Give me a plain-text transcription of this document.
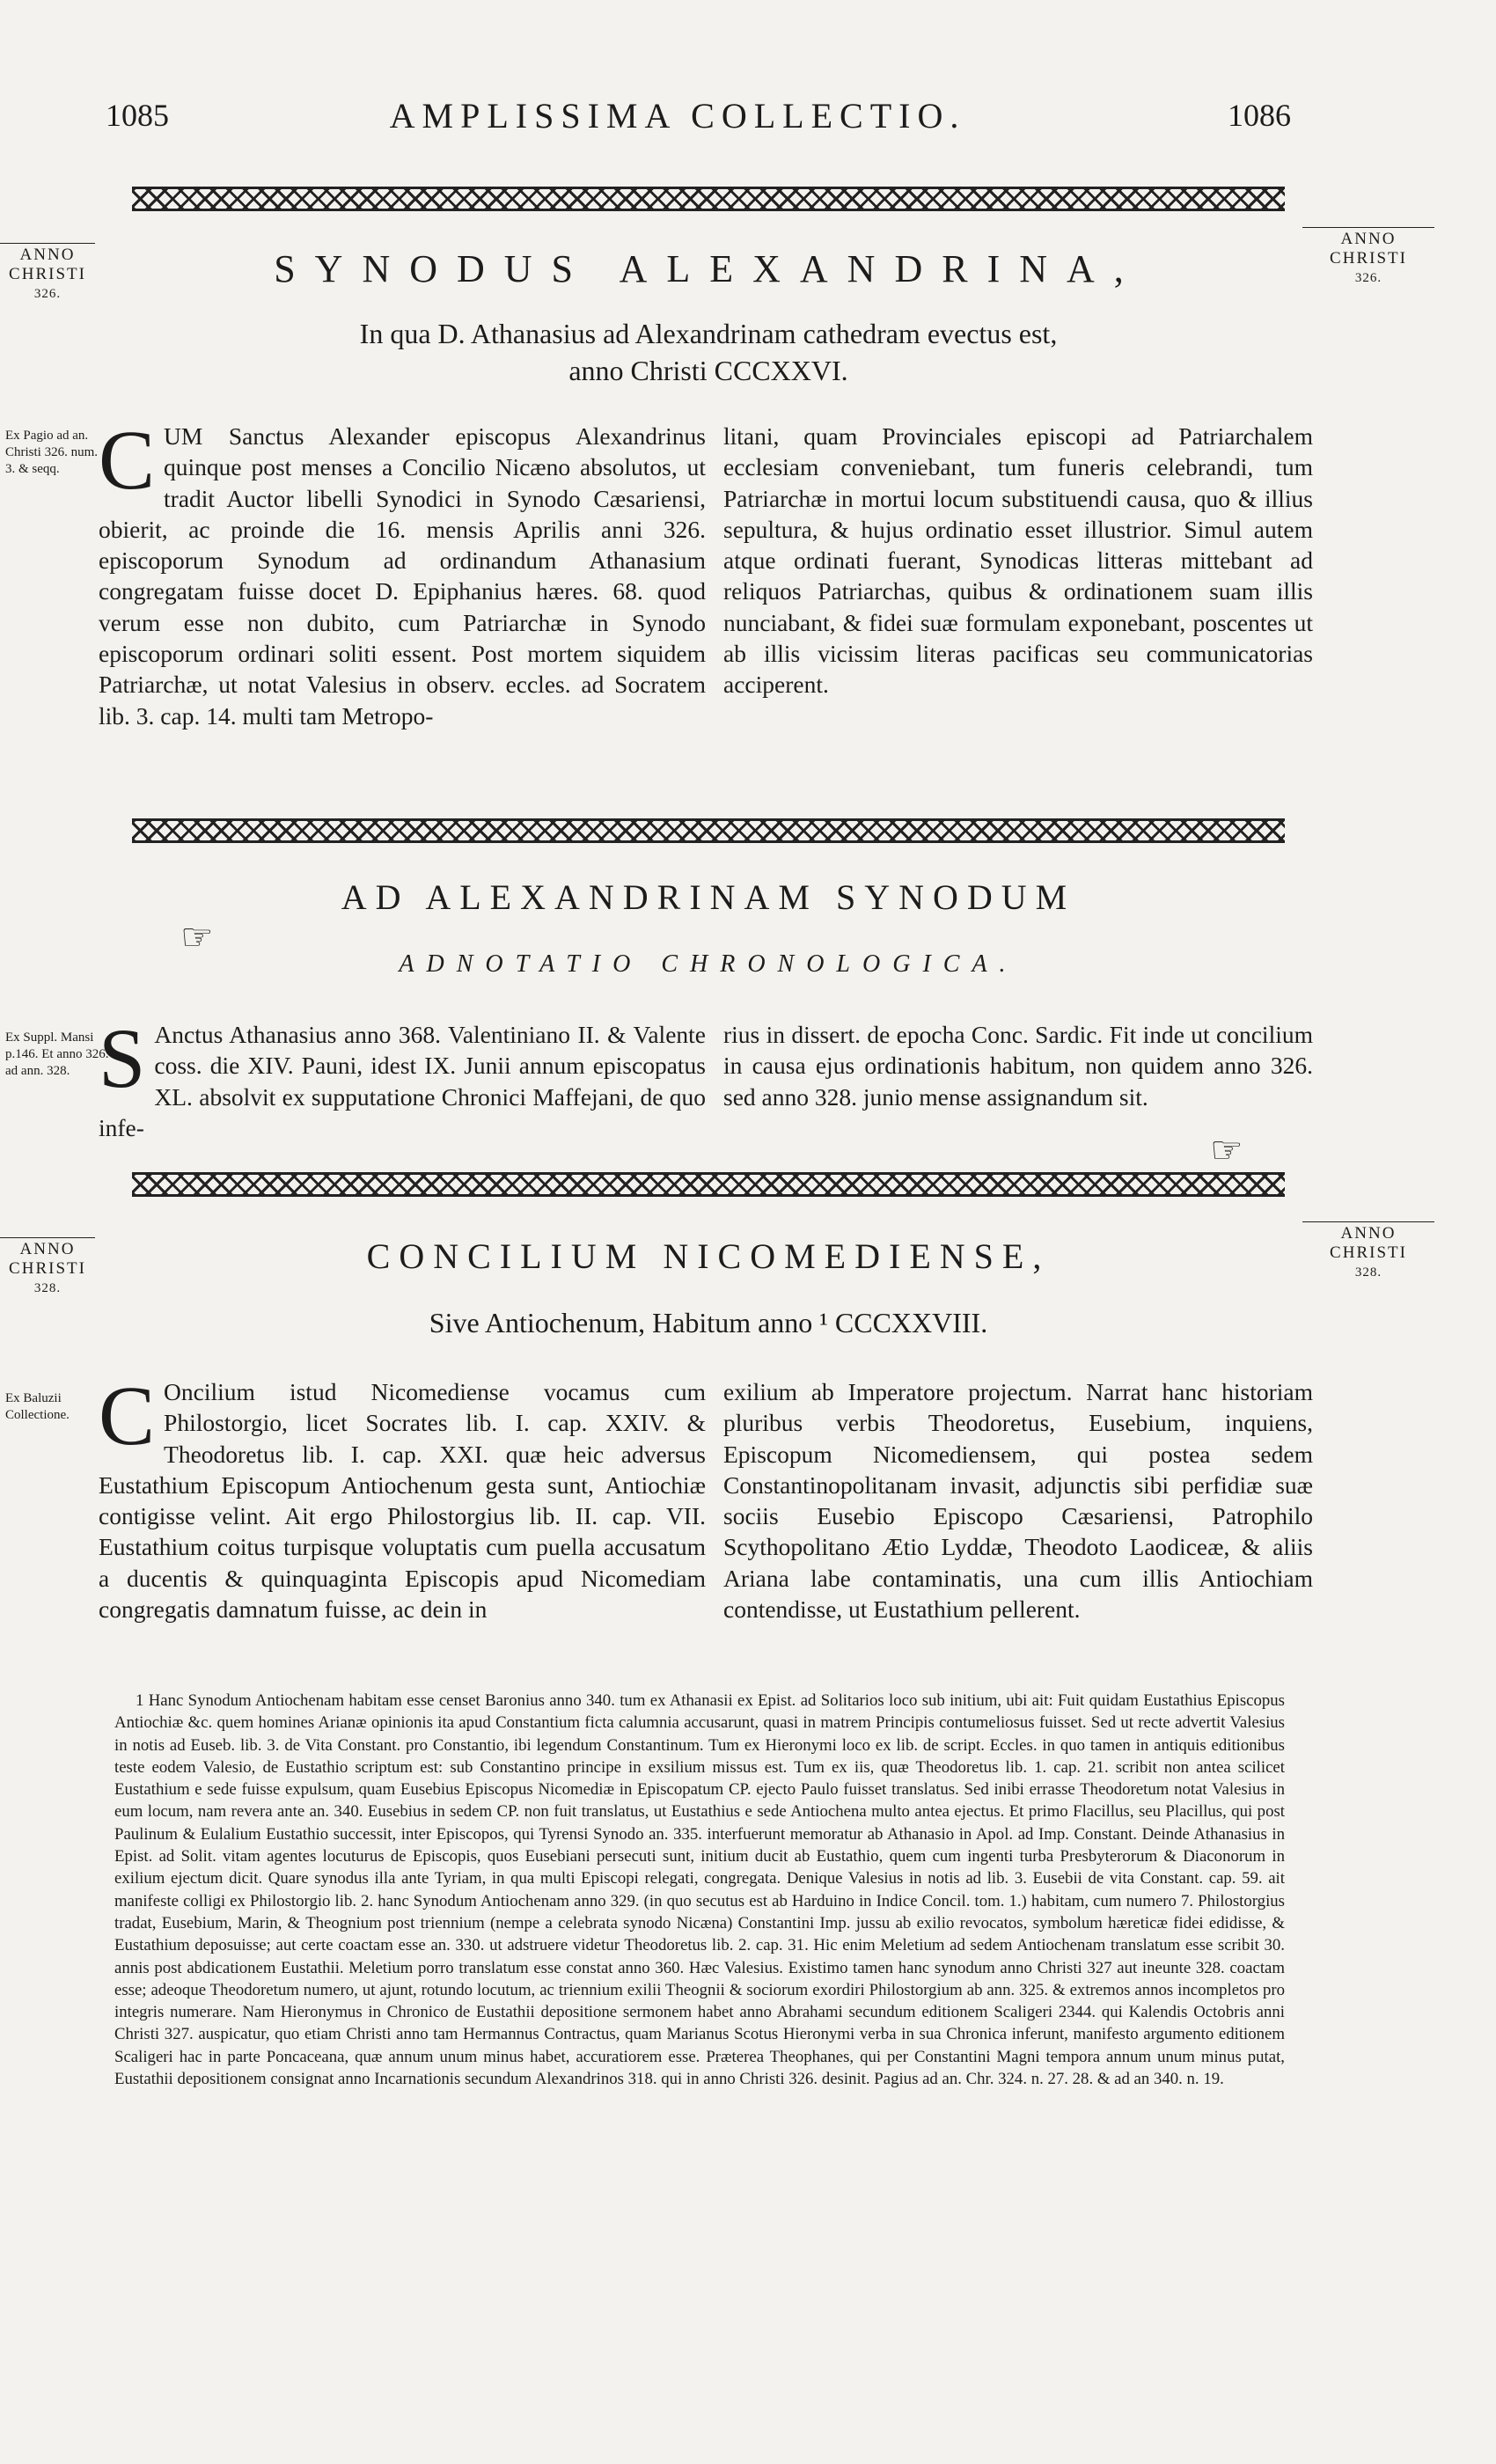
1085	AMPLISSIMA COLLECTIO.	1086
ANNO
CHRISTI
326.
ANNO
CHRISTI
326.
SYNODUS ALEXANDRINA,
In qua D. Athanasius ad Alexandrinam cathedram evectus est,
anno Christi CCCXXVI.
Ex Pagio ad an. Christi 326. num. 3. & seqq. C UM Sanctus Alexander episcopus Alexandrinus quinque post menses a Concilio Nicæno absolutos, ut tradit Auctor libelli Synodici in Synodo Cæsariensi, obierit, ac proinde die 16. mensis Aprilis anni 326. episcoporum Synodum ad ordinandum Athanasium congregatam fuisse docet D. Epiphanius hæres. 68. quod verum esse non dubito, cum Patriarchæ in Synodo episcoporum ordinari soliti essent. Post mortem siquidem Patriarchæ, ut notat Valesius in observ. eccles. ad Socratem lib. 3. cap. 14. multi tam Metropo-
litani, quam Provinciales episcopi ad Patriarchalem ecclesiam conveniebant, tum funeris celebrandi, tum Patriarchæ in mortui locum substituendi causa, quo & illius sepultura, & hujus ordinatio esset illustrior. Simul autem atque ordinati fuerant, Synodicas litteras mittebant ad reliquos Patriarchas, quibus & ordinationem suam illis nunciabant, & fidei suæ formulam exponebant, poscentes ut ab illis vicissim literas pacificas seu communicatorias acciperent.
AD ALEXANDRINAM SYNODUM
☞
ADNOTATIO CHRONOLOGICA.
Ex Suppl. Mansi p.146. Et anno 326. ad ann. 328. S Anctus Athanasius anno 368. Valentiniano II. & Valente coss. die XIV. Pauni, idest IX. Junii annum episcopatus XL. absolvit ex supputatione Chronici Maffejani, de quo infe-
rius in dissert. de epocha Conc. Sardic. Fit inde ut concilium in causa ejus ordinationis habitum, non quidem anno 326. sed anno 328. junio mense assignandum sit.
☞
ANNO
CHRISTI
328.
ANNO
CHRISTI
328.
CONCILIUM NICOMEDIENSE,
Sive Antiochenum, Habitum anno ¹ CCCXXVIII.
Ex Baluzii Collectione. C Oncilium istud Nicomediense vocamus cum Philostorgio, licet Socrates lib. I. cap. XXIV. & Theodoretus lib. I. cap. XXI. quæ heic adversus Eustathium Episcopum Antiochenum gesta sunt, Antiochiæ contigisse velint. Ait ergo Philostorgius lib. II. cap. VII. Eustathium coitus turpisque voluptatis cum puella accusatum a ducentis & quinquaginta Episcopis apud Nicomediam congregatis damnatum fuisse, ac dein in
exilium ab Imperatore projectum. Narrat hanc historiam pluribus verbis Theodoretus, Eusebium, inquiens, Episcopum Nicomediensem, qui postea sedem Constantinopolitanam invasit, adjunctis sibi perfidiæ suæ sociis Eusebio Episcopo Cæsariensi, Patrophilo Scythopolitano Ætio Lyddæ, Theodoto Laodiceæ, & aliis Ariana labe contaminatis, una cum illis Antiochiam contendisse, ut Eustathium pellerent.

1 Hanc Synodum Antiochenam habitam esse censet Baronius anno 340. tum ex Athanasii ex Epist. ad Solitarios loco sub initium, ubi ait: Fuit quidam Eustathius Episcopus Antiochiæ &c. quem homines Arianæ opinionis ita apud Constantium ficta calumnia accusarunt, quasi in matrem Principis contumeliosus fuisset. Sed ut recte advertit Valesius in notis ad Eusеb. lib. 3. de Vita Constant. pro Constantio, ibi legendum Constantinum. Tum ex Hieronymi loco ex lib. de script. Eccles. in quo tamen in antiquis editionibus teste eodem Valesio, de Eustathio scriptum est: sub Constantino principe in exsilium missus est. Tum ex iis, quæ Theodoretus lib. 1. cap. 21. scribit non antea scilicet Eustathium e sede fuisse expulsum, quam Eusebius Episcopus Nicomediæ in Episcopatum CP. ejecto Paulo fuisset translatus. Sed inibi errasse Theodoretum notat Valesius in eum locum, nam revera ante an. 340. Eusebius in sedem CP. non fuit translatus, ut Eustathius e sede Antiochena multo antea ejectus. Et primo Flacillus, seu Placillus, qui post Paulinum & Eulalium Eustathio successit, inter Episcopos, qui Tyrensi Synodo an. 335. interfuerunt memoratur ab Athanasio in Apol. ad Imp. Constant. Deinde Athanasius in Epist. ad Solit. vitam agentes locuturus de Episcopis, quos Eusebiani persecuti sunt, initium ducit ab Eustathio, quem cum ingenti turba Presbyterorum & Diaconorum in exilium ejectum dicit. Quare synodus illa ante Tyriam, in qua multi Episcopi relegati, congregata. Denique Valesius in notis ad lib. 3. Eusebii de vita Constant. cap. 59. ait manifeste colligi ex Philostorgio lib. 2. hanc Synodum Antiochenam anno 329. (in quo secutus est ab Harduino in Indice Concil. tom. 1.) habitam, cum numero 7. Philostorgius tradat, Eusebium, Marin, & Theognium post triennium (nempe a celebrata synodo Nicæna) Constantini Imp. jussu ab exilio revocatos, symbolum hæreticæ fidei edidisse, & Eustathium deposuisse; aut certe coactam esse an. 330. ut adstruere videtur Theodoretus lib. 2. cap. 31. Hic enim Meletium ad sedem Antiochenam translatum esse scribit 30. annis post abdicationem Eustathii. Meletium porro translatum esse constat anno 360. Hæc Valesius. Existimo tamen hanc synodum anno Christi 327 aut ineunte 328. coactam esse; adeoque Theodoretum numero, ut ajunt, rotundo locutum, ac triennium exilii Theognii & sociorum exordiri Philostorgium ab ann. 325. & extremos annos incompletos pro integris numerare. Nam Hieronymus in Chronico de Eustathii depositione sermonem habet anno Abrahami secundum editionem Scaligeri 2344. qui Kalendis Octobris anni Christi 327. auspicatur, quo etiam Christi anno tam Hermannus Contractus, quam Marianus Scotus Hieronymi verba in sua Chronica inferunt, manifesto argumento editionem Scaligeri hac in parte Poncaceana, quæ annum unum minus habet, accuratiorem esse. Præterea Theophanes, qui per Constantini Magni tempora annum unum minus putat, Eustathii depositionem consignat anno Incarnationis secundum Alexandrinos 318. qui in anno Christi 326. desinit. Pagius ad an. Chr. 324. n. 27. 28. & ad an 340. n. 19.
